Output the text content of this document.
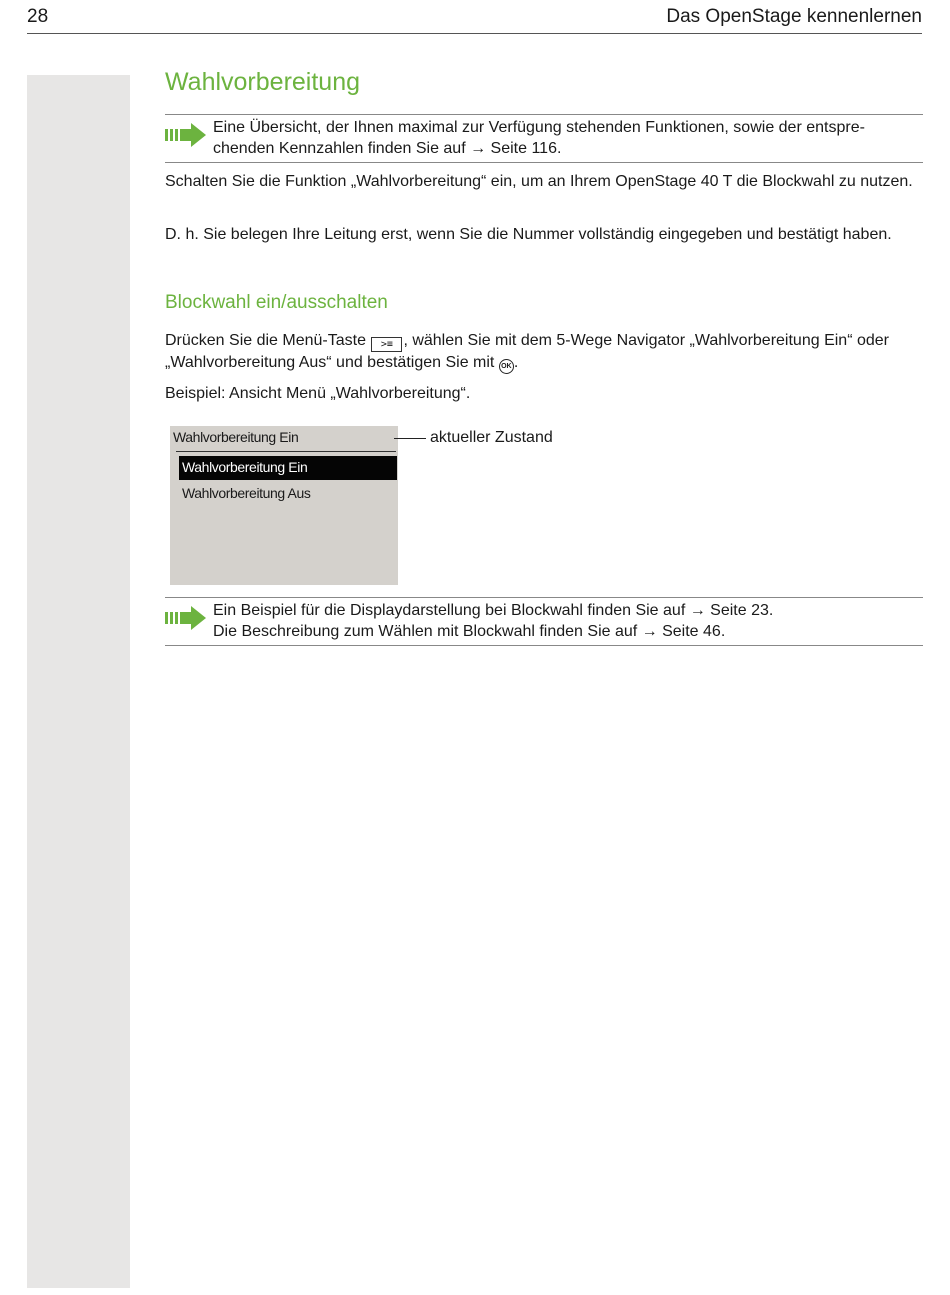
28	Das OpenStage kennenlernen
Wahlvorbereitung
Eine Übersicht, der Ihnen maximal zur Verfügung stehenden Funktionen, sowie der entspre-chenden Kennzahlen finden Sie auf → Seite 116.

Schalten Sie die Funktion „Wahlvorbereitung“ ein, um an Ihrem OpenStage 40 T die Blockwahl zu nutzen.

D. h. Sie belegen Ihre Leitung erst, wenn Sie die Nummer vollständig eingegeben und bestätigt haben.

Blockwahl ein/ausschalten

Drücken Sie die Menü-Taste >≡ , wählen Sie mit dem 5-Wege Navigator „Wahlvorbereitung Ein“ oder „Wahlvorbereitung Aus“ und bestätigen Sie mit OK .

Beispiel: Ansicht Menü „Wahlvorbereitung“.

Wahlvorbereitung Ein
Wahlvorbereitung Ein
Wahlvorbereitung Aus
aktueller Zustand
Ein Beispiel für die Displaydarstellung bei Blockwahl finden Sie auf → Seite 23.
Die Beschreibung zum Wählen mit Blockwahl finden Sie auf → Seite 46.
